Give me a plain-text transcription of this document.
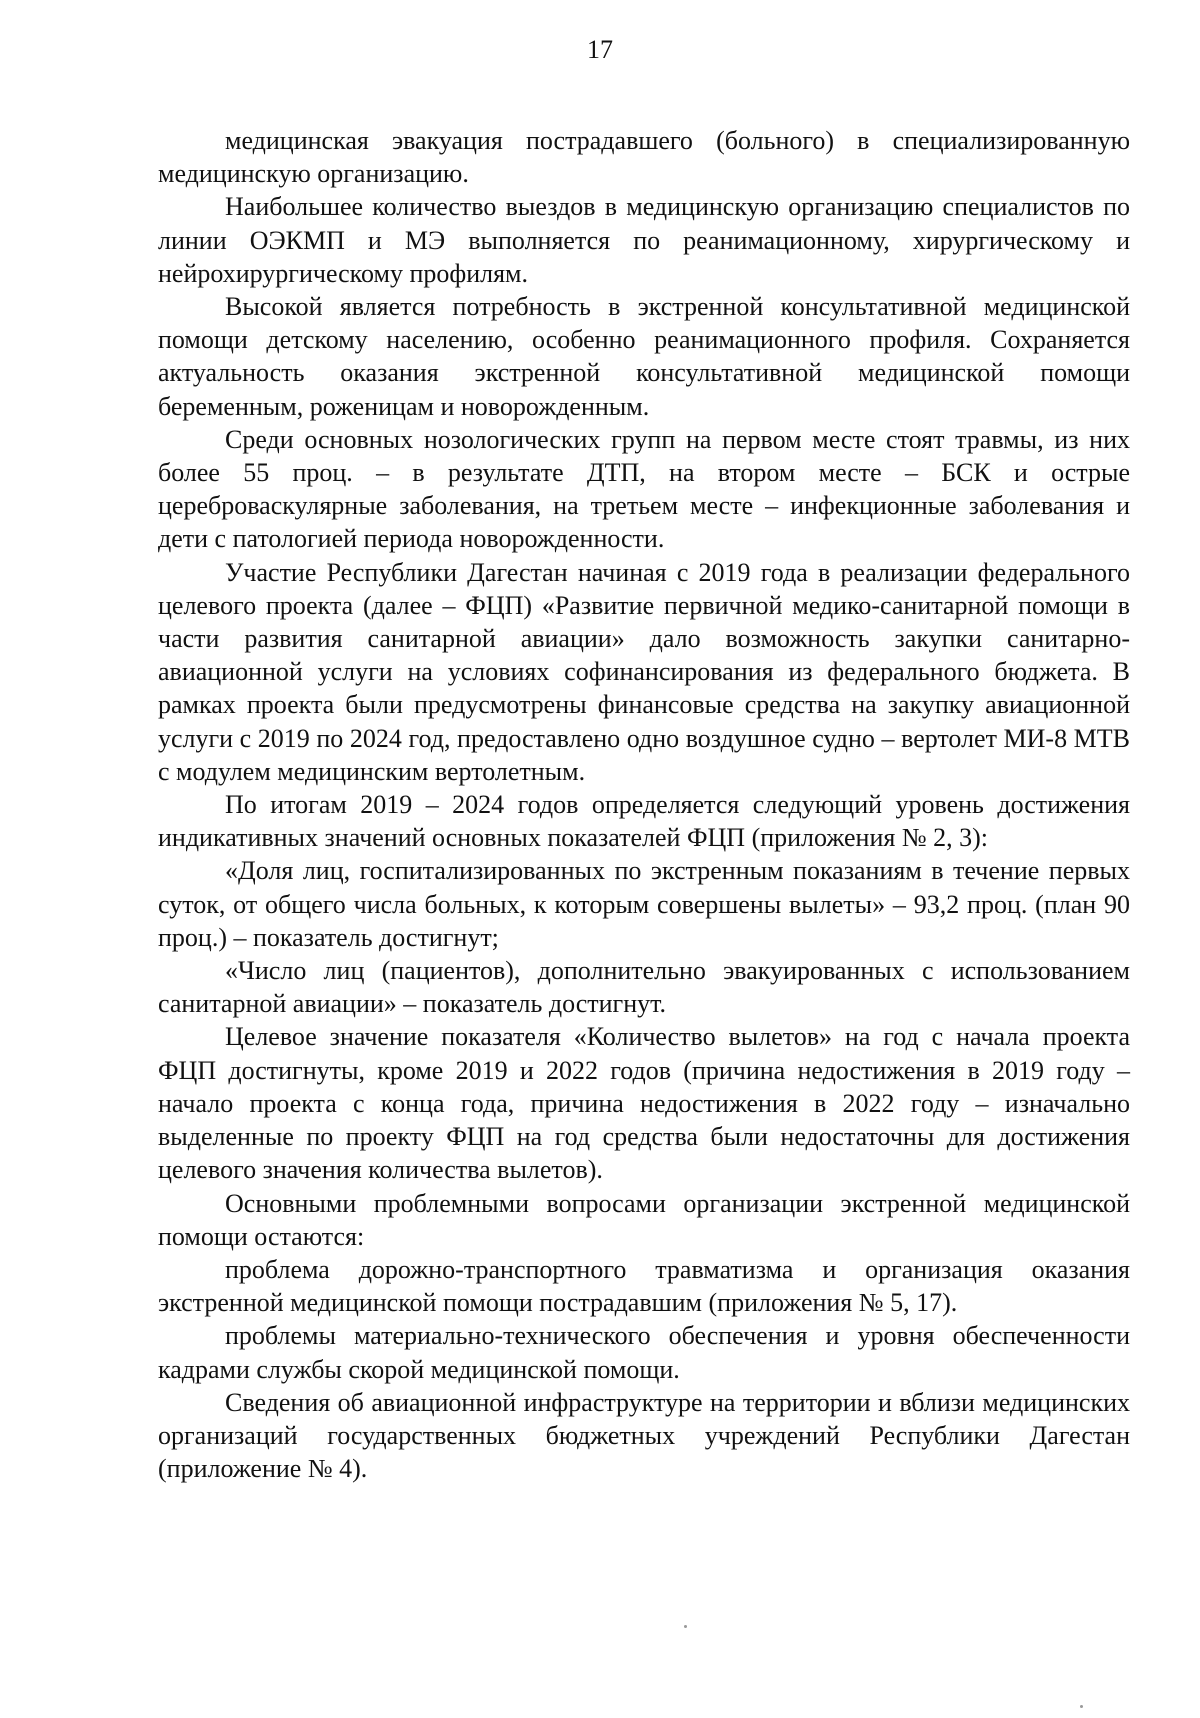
17

медицинская эвакуация пострадавшего (больного) в специализированную медицинскую организацию.

Наибольшее количество выездов в медицинскую организацию специалистов по линии ОЭКМП и МЭ выполняется по реанимационному, хирургическому и нейрохирургическому профилям.

Высокой является потребность в экстренной консультативной медицинской помощи детскому населению, особенно реанимационного профиля. Сохраняется актуальность оказания экстренной консультативной медицинской помощи беременным, роженицам и новорожденным.

Среди основных нозологических групп на первом месте стоят травмы, из них более 55 проц. – в результате ДТП, на втором месте – БСК и острые цереброваскулярные заболевания, на третьем месте – инфекционные заболевания и дети с патологией периода новорожденности.

Участие Республики Дагестан начиная с 2019 года в реализации федерального целевого проекта (далее – ФЦП) «Развитие первичной медико-санитарной помощи в части развития санитарной авиации» дало возможность закупки санитарно-авиационной услуги на условиях софинансирования из федерального бюджета. В рамках проекта были предусмотрены финансовые средства на закупку авиационной услуги с 2019 по 2024 год, предоставлено одно воздушное судно – вертолет МИ-8 МТВ с модулем медицинским вертолетным.

По итогам 2019 – 2024 годов определяется следующий уровень достижения индикативных значений основных показателей ФЦП (приложения № 2, 3):

«Доля лиц, госпитализированных по экстренным показаниям в течение первых суток, от общего числа больных, к которым совершены вылеты» – 93,2 проц. (план 90 проц.) – показатель достигнут;

«Число лиц (пациентов), дополнительно эвакуированных с использованием санитарной авиации» – показатель достигнут.

Целевое значение показателя «Количество вылетов» на год с начала проекта ФЦП достигнуты, кроме 2019 и 2022 годов (причина недостижения в 2019 году – начало проекта с конца года, причина недостижения в 2022 году – изначально выделенные по проекту ФЦП на год средства были недостаточны для достижения целевого значения количества вылетов).

Основными проблемными вопросами организации экстренной медицинской помощи остаются:

проблема дорожно-транспортного травматизма и организация оказания экстренной медицинской помощи пострадавшим (приложения № 5, 17).

проблемы материально-технического обеспечения и уровня обеспеченности кадрами службы скорой медицинской помощи.

Сведения об авиационной инфраструктуре на территории и вблизи медицинских организаций государственных бюджетных учреждений Республики Дагестан (приложение № 4).
